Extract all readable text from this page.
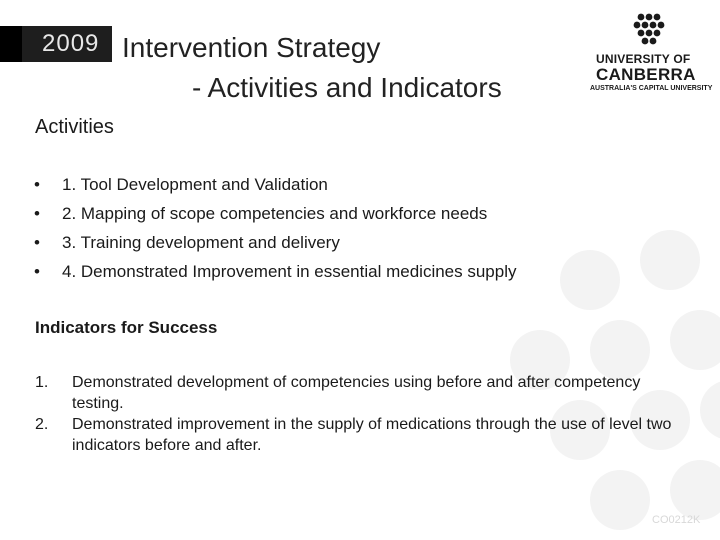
2009 Intervention Strategy
- Activities and Indicators
UNIVERSITY OF
CANBERRA
AUSTRALIA'S CAPITAL UNIVERSITY
Activities
• 1. Tool Development and Validation
• 2. Mapping of scope competencies and workforce needs
• 3. Training development and delivery
• 4. Demonstrated Improvement in essential medicines supply
Indicators for Success
1. Demonstrated development of competencies using before and after competency testing.
2. Demonstrated improvement in the supply of medications through the use of level two indicators before and after.
CO0212K
